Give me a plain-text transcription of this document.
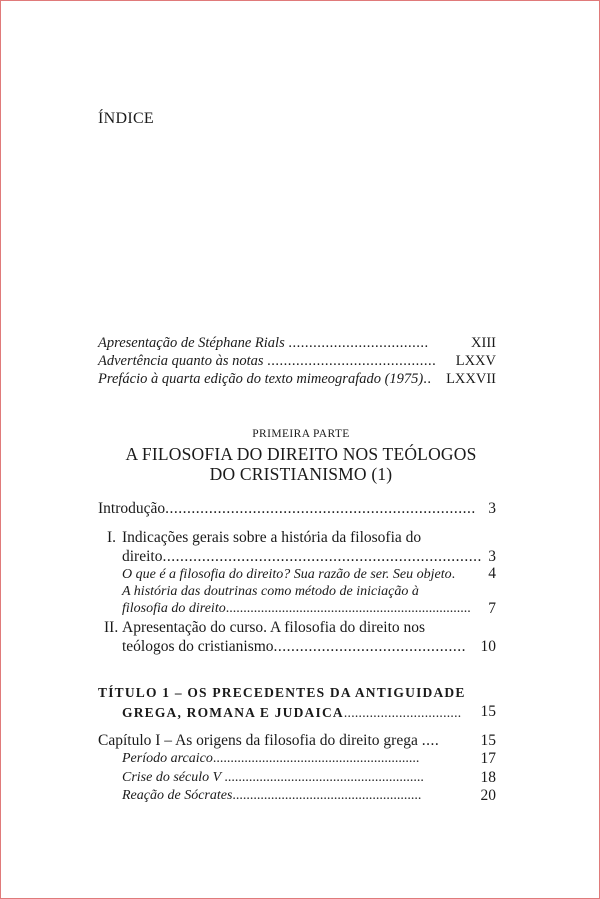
ÍNDICE
Apresentação de Stéphane Rials ..................................	XIII
Advertência quanto às notas ......................................... LXXV
Prefácio à quarta edição do texto mimeografado (1975).. LXXVII
PRIMEIRA PARTE
A FILOSOFIA DO DIREITO NOS TEÓLOGOS
DO CRISTIANISMO (1)
Introdução....................................................................... 3
I. Indicações gerais sobre a história da filosofia do
direito......................................................................... 3
O que é a filosofia do direito? Sua razão de ser. Seu objeto. 4
A história das doutrinas como método de iniciação à
filosofia do direito...................................................................... 7
II. Apresentação do curso. A filosofia do direito nos
teólogos do cristianismo............................................ 10
TÍTULO 1 – OS PRECEDENTES DA ANTIGUIDADE
GREGA, ROMANA E JUDAICA................................ 15
Capítulo I – As origens da filosofia do direito grega ....	15
Período arcaico...........................................................	17
Crise do século V .........................................................	18
Reação de Sócrates......................................................	20
